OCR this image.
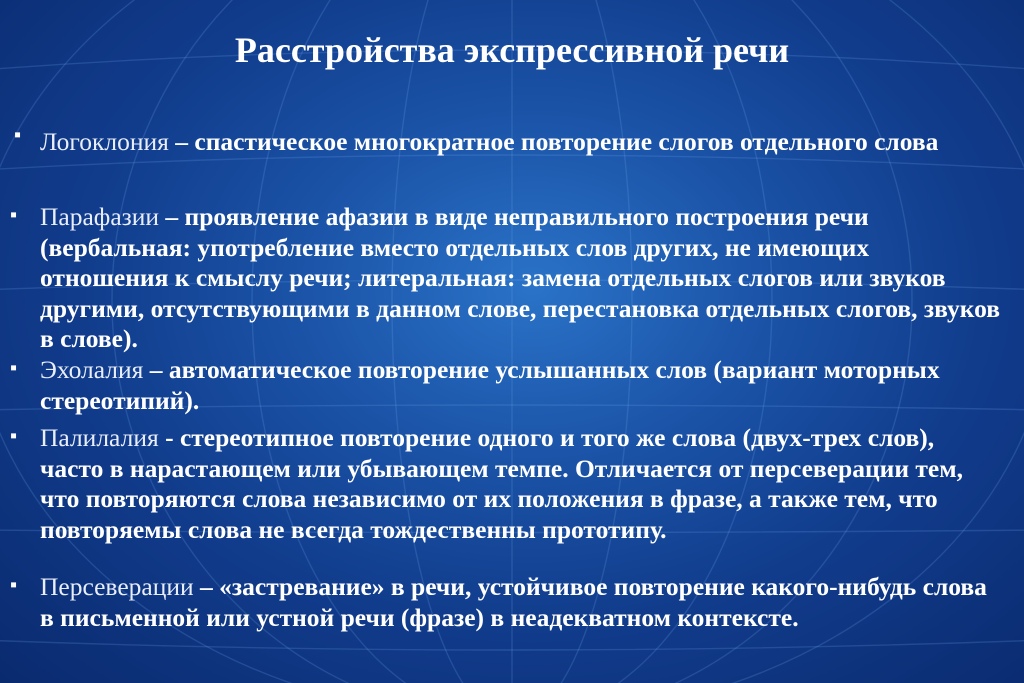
Расстройства экспрессивной речи
▪ Логоклония – спастическое многократное повторение слогов отдельного слова
▪ Парафазии – проявление афазии в виде неправильного построения речи (вербальная: употребление вместо отдельных слов других, не имеющих отношения к смыслу речи; литеральная: замена отдельных слогов или звуков другими, отсутствующими в данном слове, перестановка отдельных слогов, звуков в слове).
▪ Эхолалия – автоматическое повторение услышанных слов (вариант моторных стереотипий).
▪ Палилалия - стереотипное повторение одного и того же слова (двух-трех слов), часто в нарастающем или убывающем темпе. Отличается от персеверации тем, что повторяются слова независимо от их положения в фразе, а также тем, что повторяемы слова не всегда тождественны прототипу.
▪ Персеверации – «застревание» в речи, устойчивое повторение какого-нибудь слова в письменной или устной речи (фразе) в неадекватном контексте.
